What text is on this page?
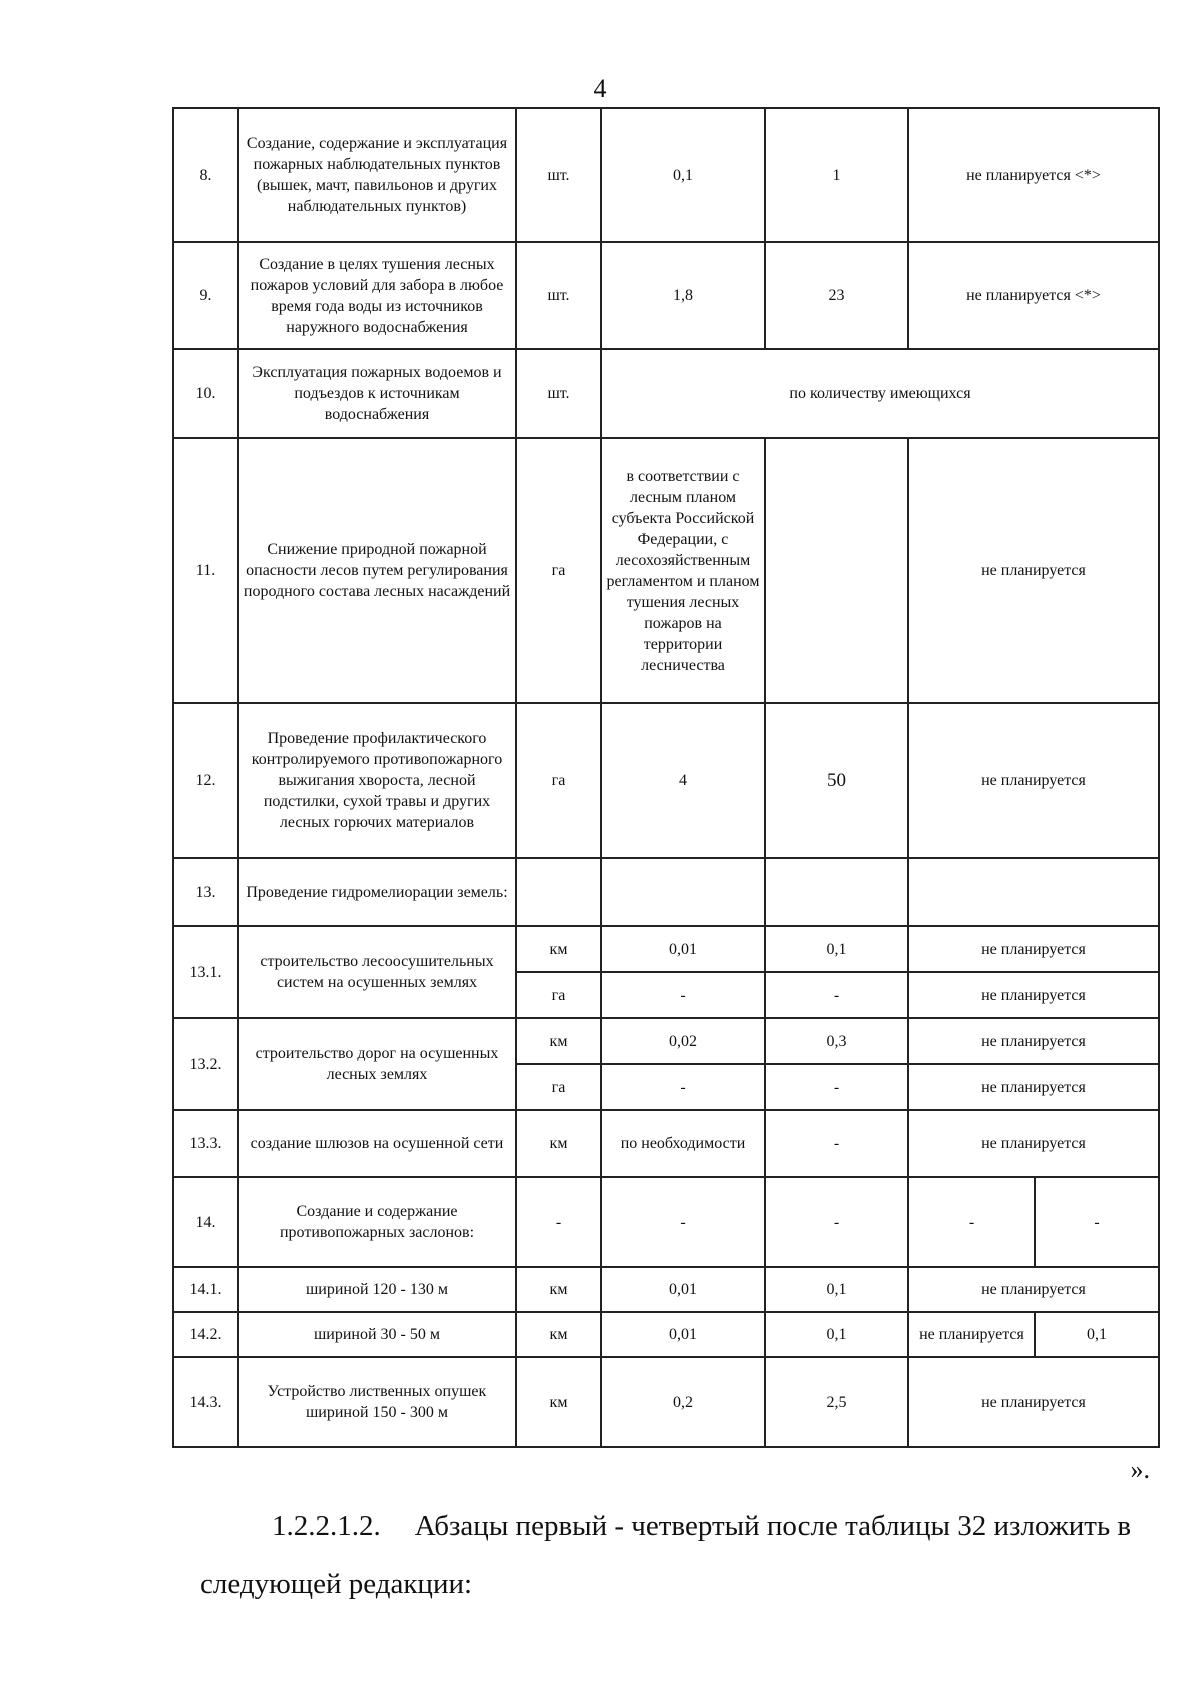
4
8.	Создание, содержание и эксплуатация пожарных наблюдательных пунктов (вышек, мачт, павильонов и других наблюдательных пунктов)	шт.	0,1	1	не планируется <*>	
9.	Создание в целях тушения лесных пожаров условий для забора в любое время года воды из источников наружного водоснабжения	шт.	1,8	23	не планируется <*>	
10.	Эксплуатация пожарных водоемов и подъездов к источникам водоснабжения	шт.	по количеству имеющихся			
11.	Снижение природной пожарной опасности лесов путем регулирования породного состава лесных насаждений	га	в соответствии с лесным планом субъекта Российской Федерации, с лесохозяйственным регламентом и планом тушения лесных пожаров на территории лесничества		не планируется	
12.	Проведение профилактического контролируемого противопожарного выжигания хвороста, лесной подстилки, сухой травы и других лесных горючих материалов	га	4	50	не планируется	
13.	Проведение гидромелиорации земель:					
13.1.	строительство лесоосушительных систем на осушенных землях	км	0,01	0,1	не планируется	
		га	-	-	не планируется	
13.2.	строительство дорог на осушенных лесных землях	км	0,02	0,3	не планируется	
		га	-	-	не планируется	
13.3.	создание шлюзов на осушенной сети	км	по необходимости	-	не планируется	
14.	Создание и содержание противопожарных заслонов:	-	-	-	-	-
14.1.	шириной 120 - 130 м	км	0,01	0,1	не планируется	
14.2.	шириной 30 - 50 м	км	0,01	0,1	не планируется	0,1
14.3.	Устройство лиственных опушек шириной 150 - 300 м	км	0,2	2,5	не планируется	
».
1.2.2.1.2. Абзацы первый - четвертый после таблицы 32 изложить в следующей редакции:
